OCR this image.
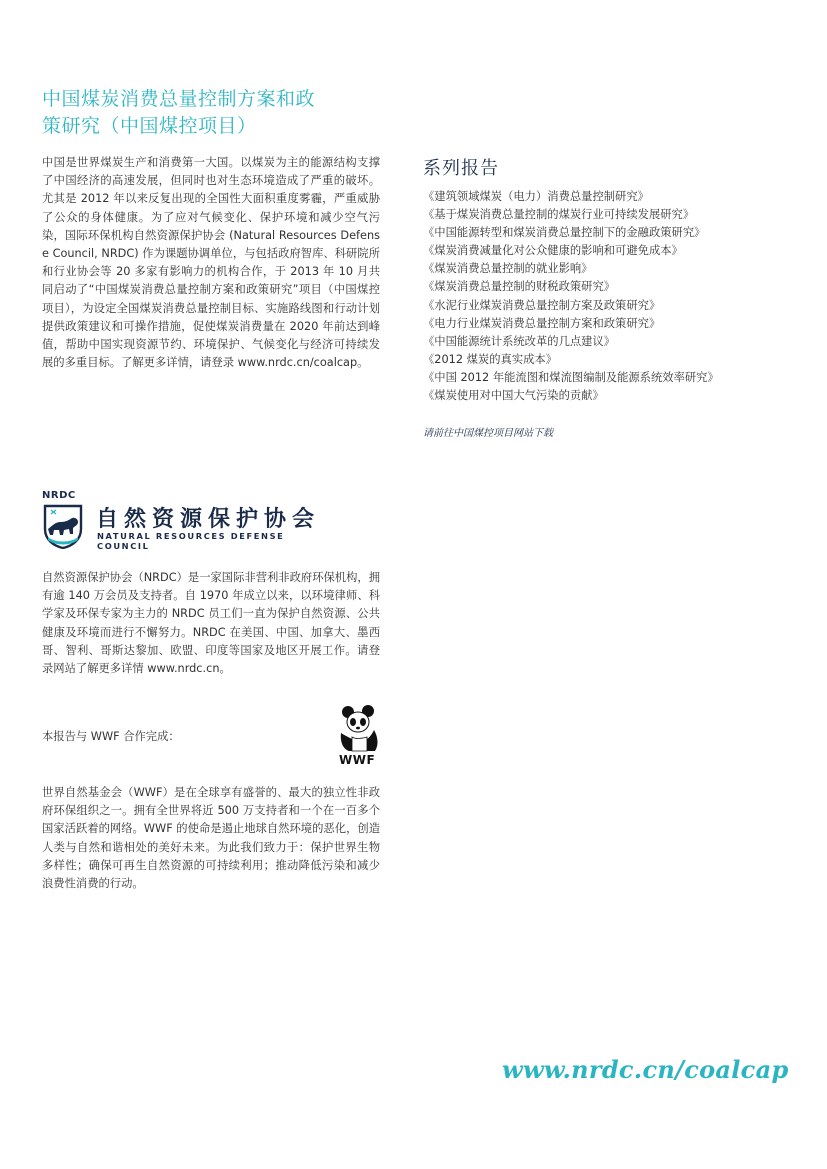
中国煤炭消费总量控制方案和政
策研究（中国煤控项目）

中国是世界煤炭生产和消费第一大国。以煤炭为主的能源结构支撑了中国经济的高速发展，但同时也对生态环境造成了严重的破坏。尤其是 2012 年以来反复出现的全国性大面积重度雾霾，严重威胁了公众的身体健康。为了应对气候变化、保护环境和减少空气污染，国际环保机构自然资源保护协会 (Natural Resources Defense Council, NRDC) 作为课题协调单位，与包括政府智库、科研院所和行业协会等 20 多家有影响力的机构合作，于 2013 年 10 月共同启动了“中国煤炭消费总量控制方案和政策研究”项目（中国煤控项目），为设定全国煤炭消费总量控制目标、实施路线图和行动计划提供政策建议和可操作措施，促使煤炭消费量在 2020 年前达到峰值，帮助中国实现资源节约、环境保护、气候变化与经济可持续发展的多重目标。了解更多详情，请登录 www.nrdc.cn/coalcap。

系列报告
《建筑领域煤炭（电力）消费总量控制研究》
《基于煤炭消费总量控制的煤炭行业可持续发展研究》
《中国能源转型和煤炭消费总量控制下的金融政策研究》
《煤炭消费减量化对公众健康的影响和可避免成本》
《煤炭消费总量控制的就业影响》
《煤炭消费总量控制的财税政策研究》
《水泥行业煤炭消费总量控制方案及政策研究》
《电力行业煤炭消费总量控制方案和政策研究》
《中国能源统计系统改革的几点建议》
《2012 煤炭的真实成本》
《中国 2012 年能流图和煤流图编制及能源系统效率研究》
《煤炭使用对中国大气污染的贡献》
请前往中国煤控项目网站下载
NRDC
自然资源保护协会
NATURAL RESOURCES DEFENSE COUNCIL

自然资源保护协会（NRDC）是一家国际非营利非政府环保机构，拥有逾 140 万会员及支持者。自 1970 年成立以来，以环境律师、科学家及环保专家为主力的 NRDC 员工们一直为保护自然资源、公共健康及环境而进行不懈努力。NRDC 在美国、中国、加拿大、墨西哥、智利、哥斯达黎加、欧盟、印度等国家及地区开展工作。请登录网站了解更多详情 www.nrdc.cn。

本报告与 WWF 合作完成：
WWF

世界自然基金会（WWF）是在全球享有盛誉的、最大的独立性非政府环保组织之一。拥有全世界将近 500 万支持者和一个在一百多个国家活跃着的网络。WWF 的使命是遏止地球自然环境的恶化，创造人类与自然和谐相处的美好未来。为此我们致力于：保护世界生物多样性；确保可再生自然资源的可持续利用；推动降低污染和减少浪费性消费的行动。

www.nrdc.cn/coalcap
